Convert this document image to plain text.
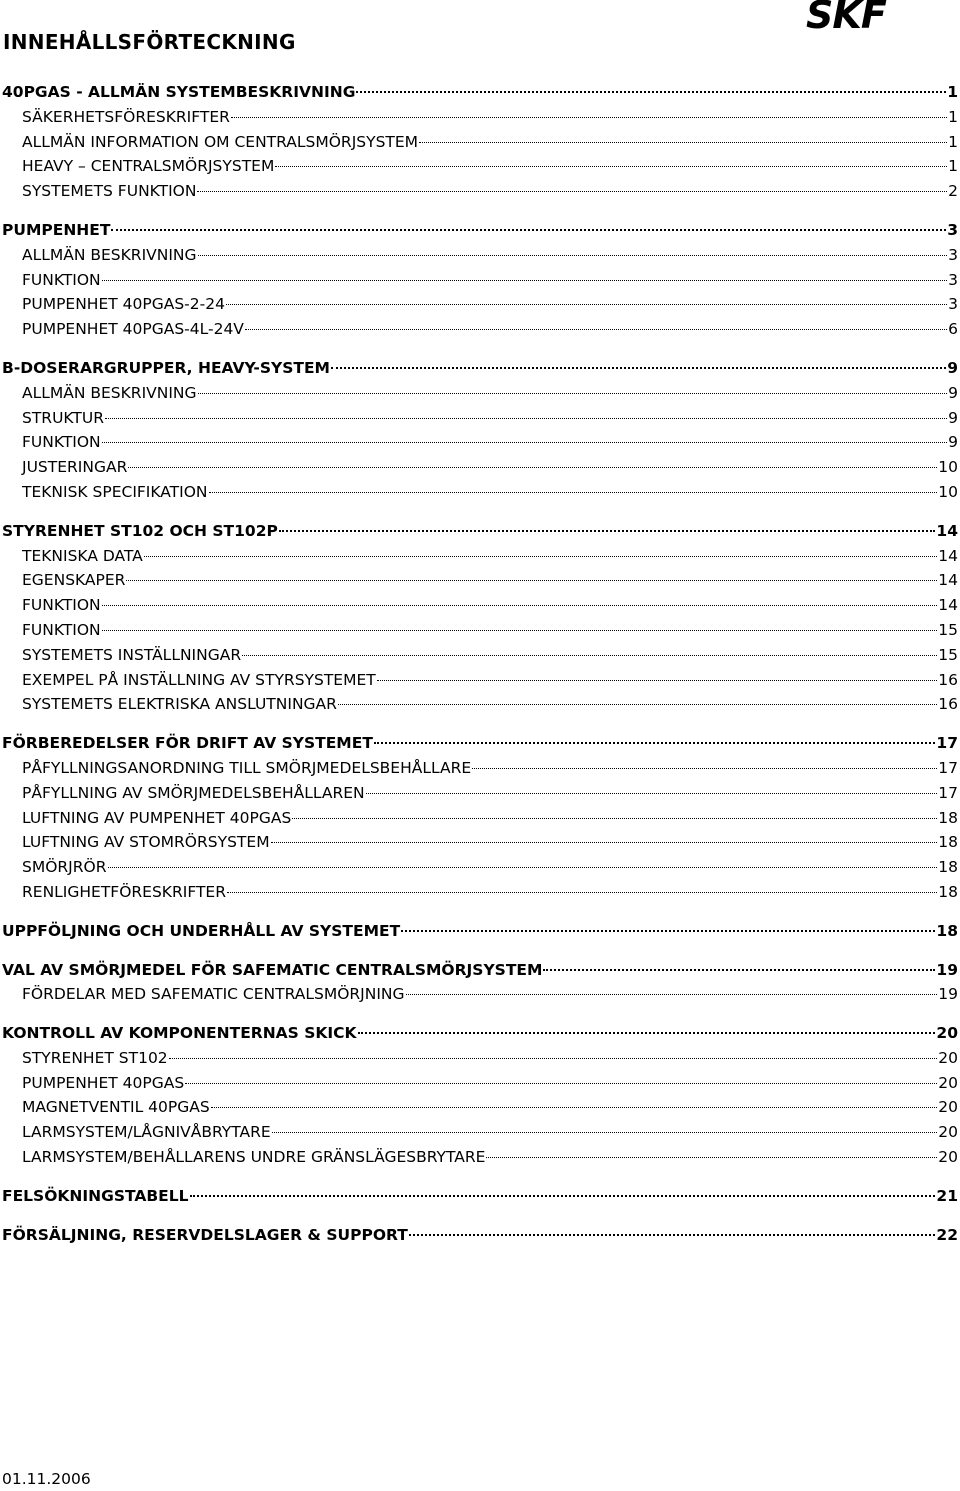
SKF
INNEHÅLLSFÖRTECKNING
40PGAS - ALLMÄN SYSTEMBESKRIVNING	1
SÄKERHETSFÖRESKRIFTER	1
ALLMÄN INFORMATION OM CENTRALSMÖRJSYSTEM	1
HEAVY – CENTRALSMÖRJSYSTEM	1
SYSTEMETS FUNKTION	2
PUMPENHET	3
ALLMÄN BESKRIVNING	3
FUNKTION	3
PUMPENHET 40PGAS-2-24	3
PUMPENHET 40PGAS-4L-24V	6
B-DOSERARGRUPPER, HEAVY-SYSTEM	9
ALLMÄN BESKRIVNING	9
STRUKTUR	9
FUNKTION	9
JUSTERINGAR	10
TEKNISK SPECIFIKATION	10
STYRENHET ST102 OCH ST102P	14
TEKNISKA DATA	14
EGENSKAPER	14
FUNKTION	14
FUNKTION	15
SYSTEMETS INSTÄLLNINGAR	15
EXEMPEL PÅ INSTÄLLNING AV STYRSYSTEMET	16
SYSTEMETS ELEKTRISKA ANSLUTNINGAR	16
FÖRBEREDELSER FÖR DRIFT AV SYSTEMET	17
PÅFYLLNINGSANORDNING TILL SMÖRJMEDELSBEHÅLLARE	17
PÅFYLLNING AV SMÖRJMEDELSBEHÅLLAREN	17
LUFTNING AV PUMPENHET 40PGAS	18
LUFTNING AV STOMRÖRSYSTEM	18
SMÖRJRÖR	18
RENLIGHETFÖRESKRIFTER	18
UPPFÖLJNING OCH UNDERHÅLL AV SYSTEMET	18
VAL AV SMÖRJMEDEL FÖR SAFEMATIC CENTRALSMÖRJSYSTEM	19
FÖRDELAR MED SAFEMATIC CENTRALSMÖRJNING	19
KONTROLL AV KOMPONENTERNAS SKICK	20
STYRENHET ST102	20
PUMPENHET 40PGAS	20
MAGNETVENTIL 40PGAS	20
LARMSYSTEM/LÅGNIVÅBRYTARE	20
LARMSYSTEM/BEHÅLLARENS UNDRE GRÄNSLÄGESBRYTARE	20
FELSÖKNINGSTABELL	21
FÖRSÄLJNING, RESERVDELSLAGER & SUPPORT	22
01.11.2006
